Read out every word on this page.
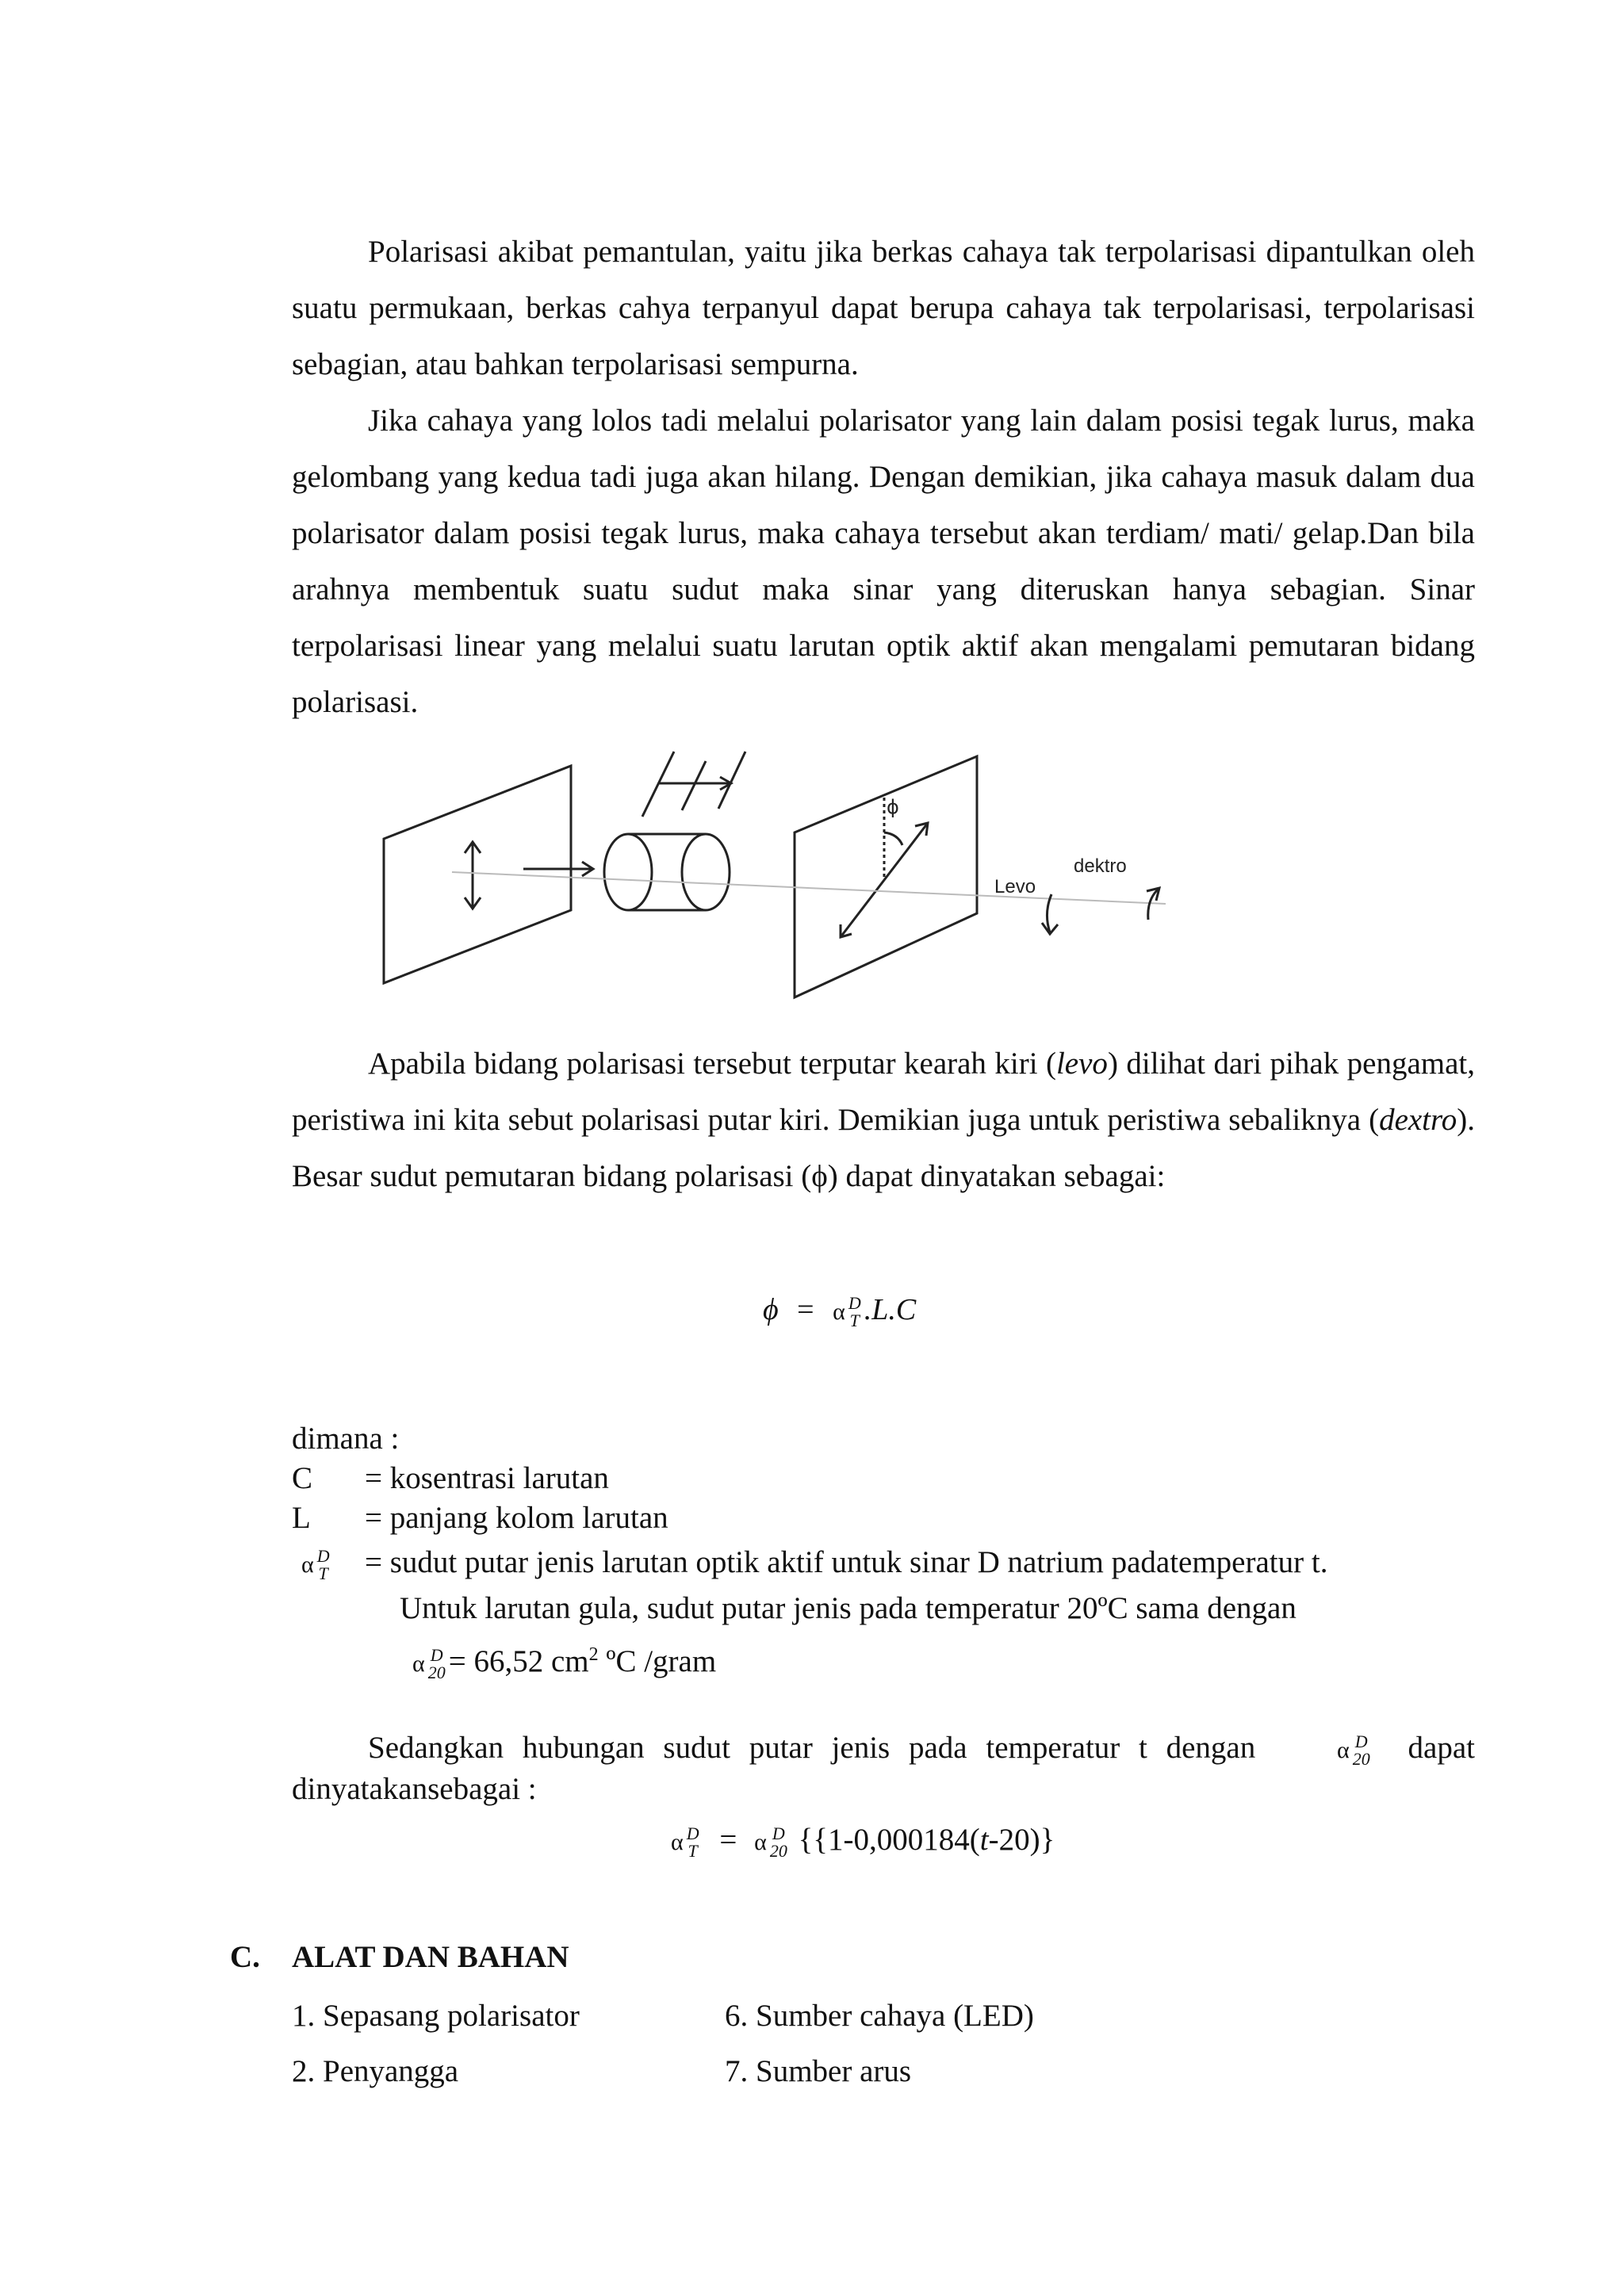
Polarisasi akibat pemantulan, yaitu jika berkas cahaya tak terpolarisasi dipantulkan oleh suatu permukaan, berkas cahya terpanyul dapat berupa cahaya tak terpolarisasi, terpolarisasi sebagian, atau bahkan terpolarisasi sempurna.

Jika cahaya yang lolos tadi melalui polarisator yang lain dalam posisi tegak lurus, maka gelombang yang kedua tadi juga akan hilang. Dengan demikian, jika cahaya masuk dalam dua polarisator dalam posisi tegak lurus, maka cahaya tersebut akan terdiam/ mati/ gelap.Dan bila arahnya membentuk suatu sudut maka sinar yang diteruskan hanya sebagian. Sinar terpolarisasi linear yang melalui suatu larutan optik aktif akan mengalami pemutaran bidang polarisasi.

ϕ
dektro
Levo

Apabila bidang polarisasi tersebut terputar kearah kiri (levo) dilihat dari pihak pengamat, peristiwa ini kita sebut polarisasi putar kiri. Demikian juga untuk peristiwa sebaliknya (dextro). Besar sudut pemutaran bidang polarisasi (ϕ) dapat dinyatakan sebagai:

ϕ = α D
T .L.C

dimana :

C = kosentrasi larutan
L = panjang kolom larutan
α D
T = sudut putar jenis larutan optik aktif untuk sinar D natrium padatemperatur t.

Untuk larutan gula, sudut putar jenis pada temperatur 20ºC sama dengan

α D
20 = 66,52 $cm^2$ ºC /gram
Sedangkan hubungan sudut putar jenis pada temperatur t dengan	α D
20 dapat

dinyatakansebagai :

α D
T = α D
20 {{1-0,000184(t-20)}
C. ALAT DAN BAHAN
1. Sepasang polarisator
2. Penyangga
6. Sumber cahaya (LED)
7. Sumber arus
